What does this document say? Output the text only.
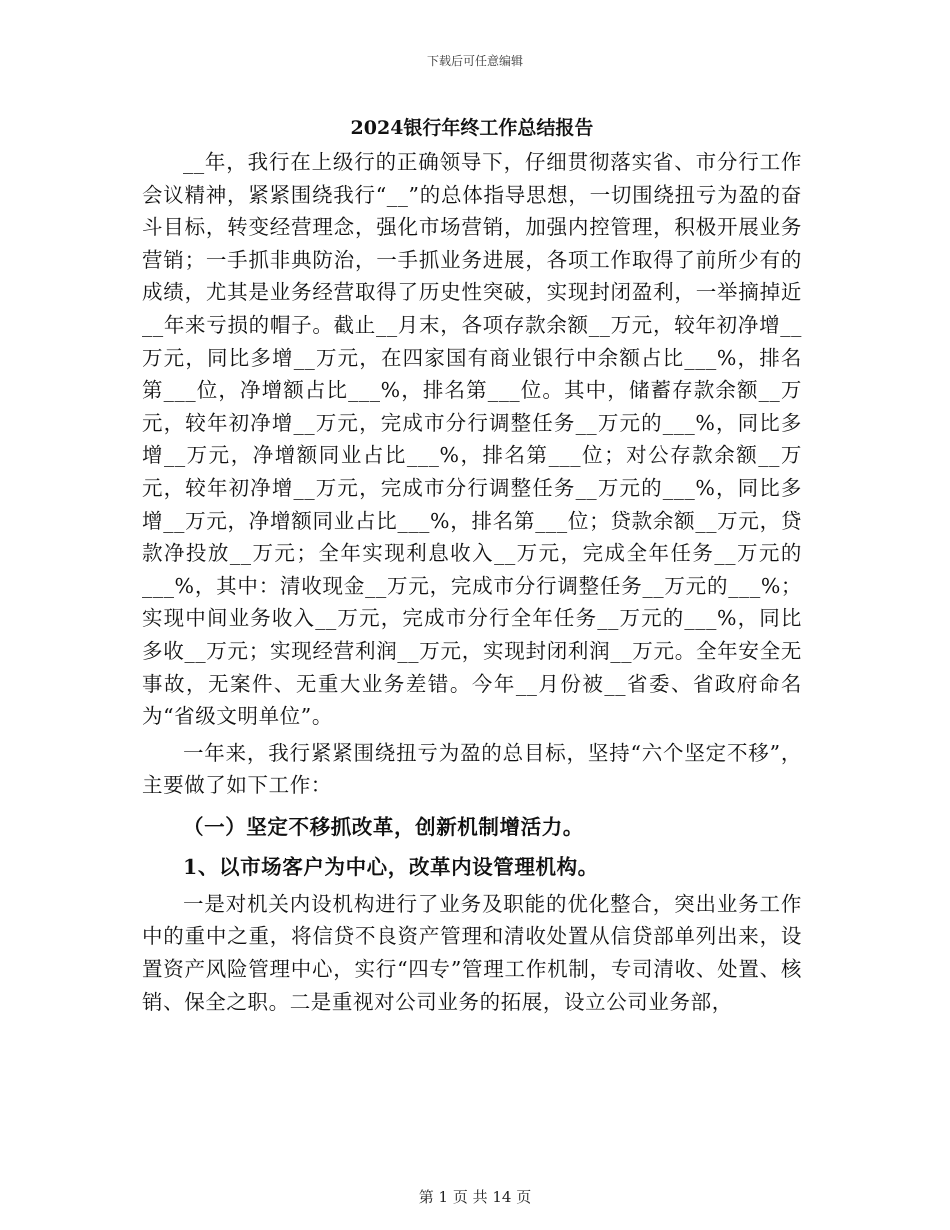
下载后可任意编辑
2024银行年终工作总结报告

__年，我行在上级行的正确领导下，仔细贯彻落实省、市分行工作会议精神，紧紧围绕我行“__”的总体指导思想，一切围绕扭亏为盈的奋斗目标，转变经营理念，强化市场营销，加强内控管理，积极开展业务营销；一手抓非典防治，一手抓业务进展，各项工作取得了前所少有的成绩，尤其是业务经营取得了历史性突破，实现封闭盈利，一举摘掉近__年来亏损的帽子。截止__月末，各项存款余额__万元，较年初净增__万元，同比多增__万元，在四家国有商业银行中余额占比___%，排名第___位，净增额占比___%，排名第___位。其中，储蓄存款余额__万元，较年初净增__万元，完成市分行调整任务__万元的___%，同比多增__万元，净增额同业占比___%，排名第___位；对公存款余额__万元，较年初净增__万元，完成市分行调整任务__万元的___%，同比多增__万元，净增额同业占比___%，排名第___位；贷款余额__万元，贷款净投放__万元；全年实现利息收入__万元，完成全年任务__万元的___%，其中：清收现金__万元，完成市分行调整任务__万元的___%；实现中间业务收入__万元，完成市分行全年任务__万元的___%，同比多收__万元；实现经营利润__万元，实现封闭利润__万元。全年安全无事故，无案件、无重大业务差错。今年__月份被__省委、省政府命名为“省级文明单位”。

一年来，我行紧紧围绕扭亏为盈的总目标，坚持“六个坚定不移”，主要做了如下工作：

（一）坚定不移抓改革，创新机制增活力。

1、以市场客户为中心，改革内设管理机构。

一是对机关内设机构进行了业务及职能的优化整合，突出业务工作中的重中之重，将信贷不良资产管理和清收处置从信贷部单列出来，设置资产风险管理中心，实行“四专”管理工作机制，专司清收、处置、核销、保全之职。二是重视对公司业务的拓展，设立公司业务部，

第 1 页 共 14 页
